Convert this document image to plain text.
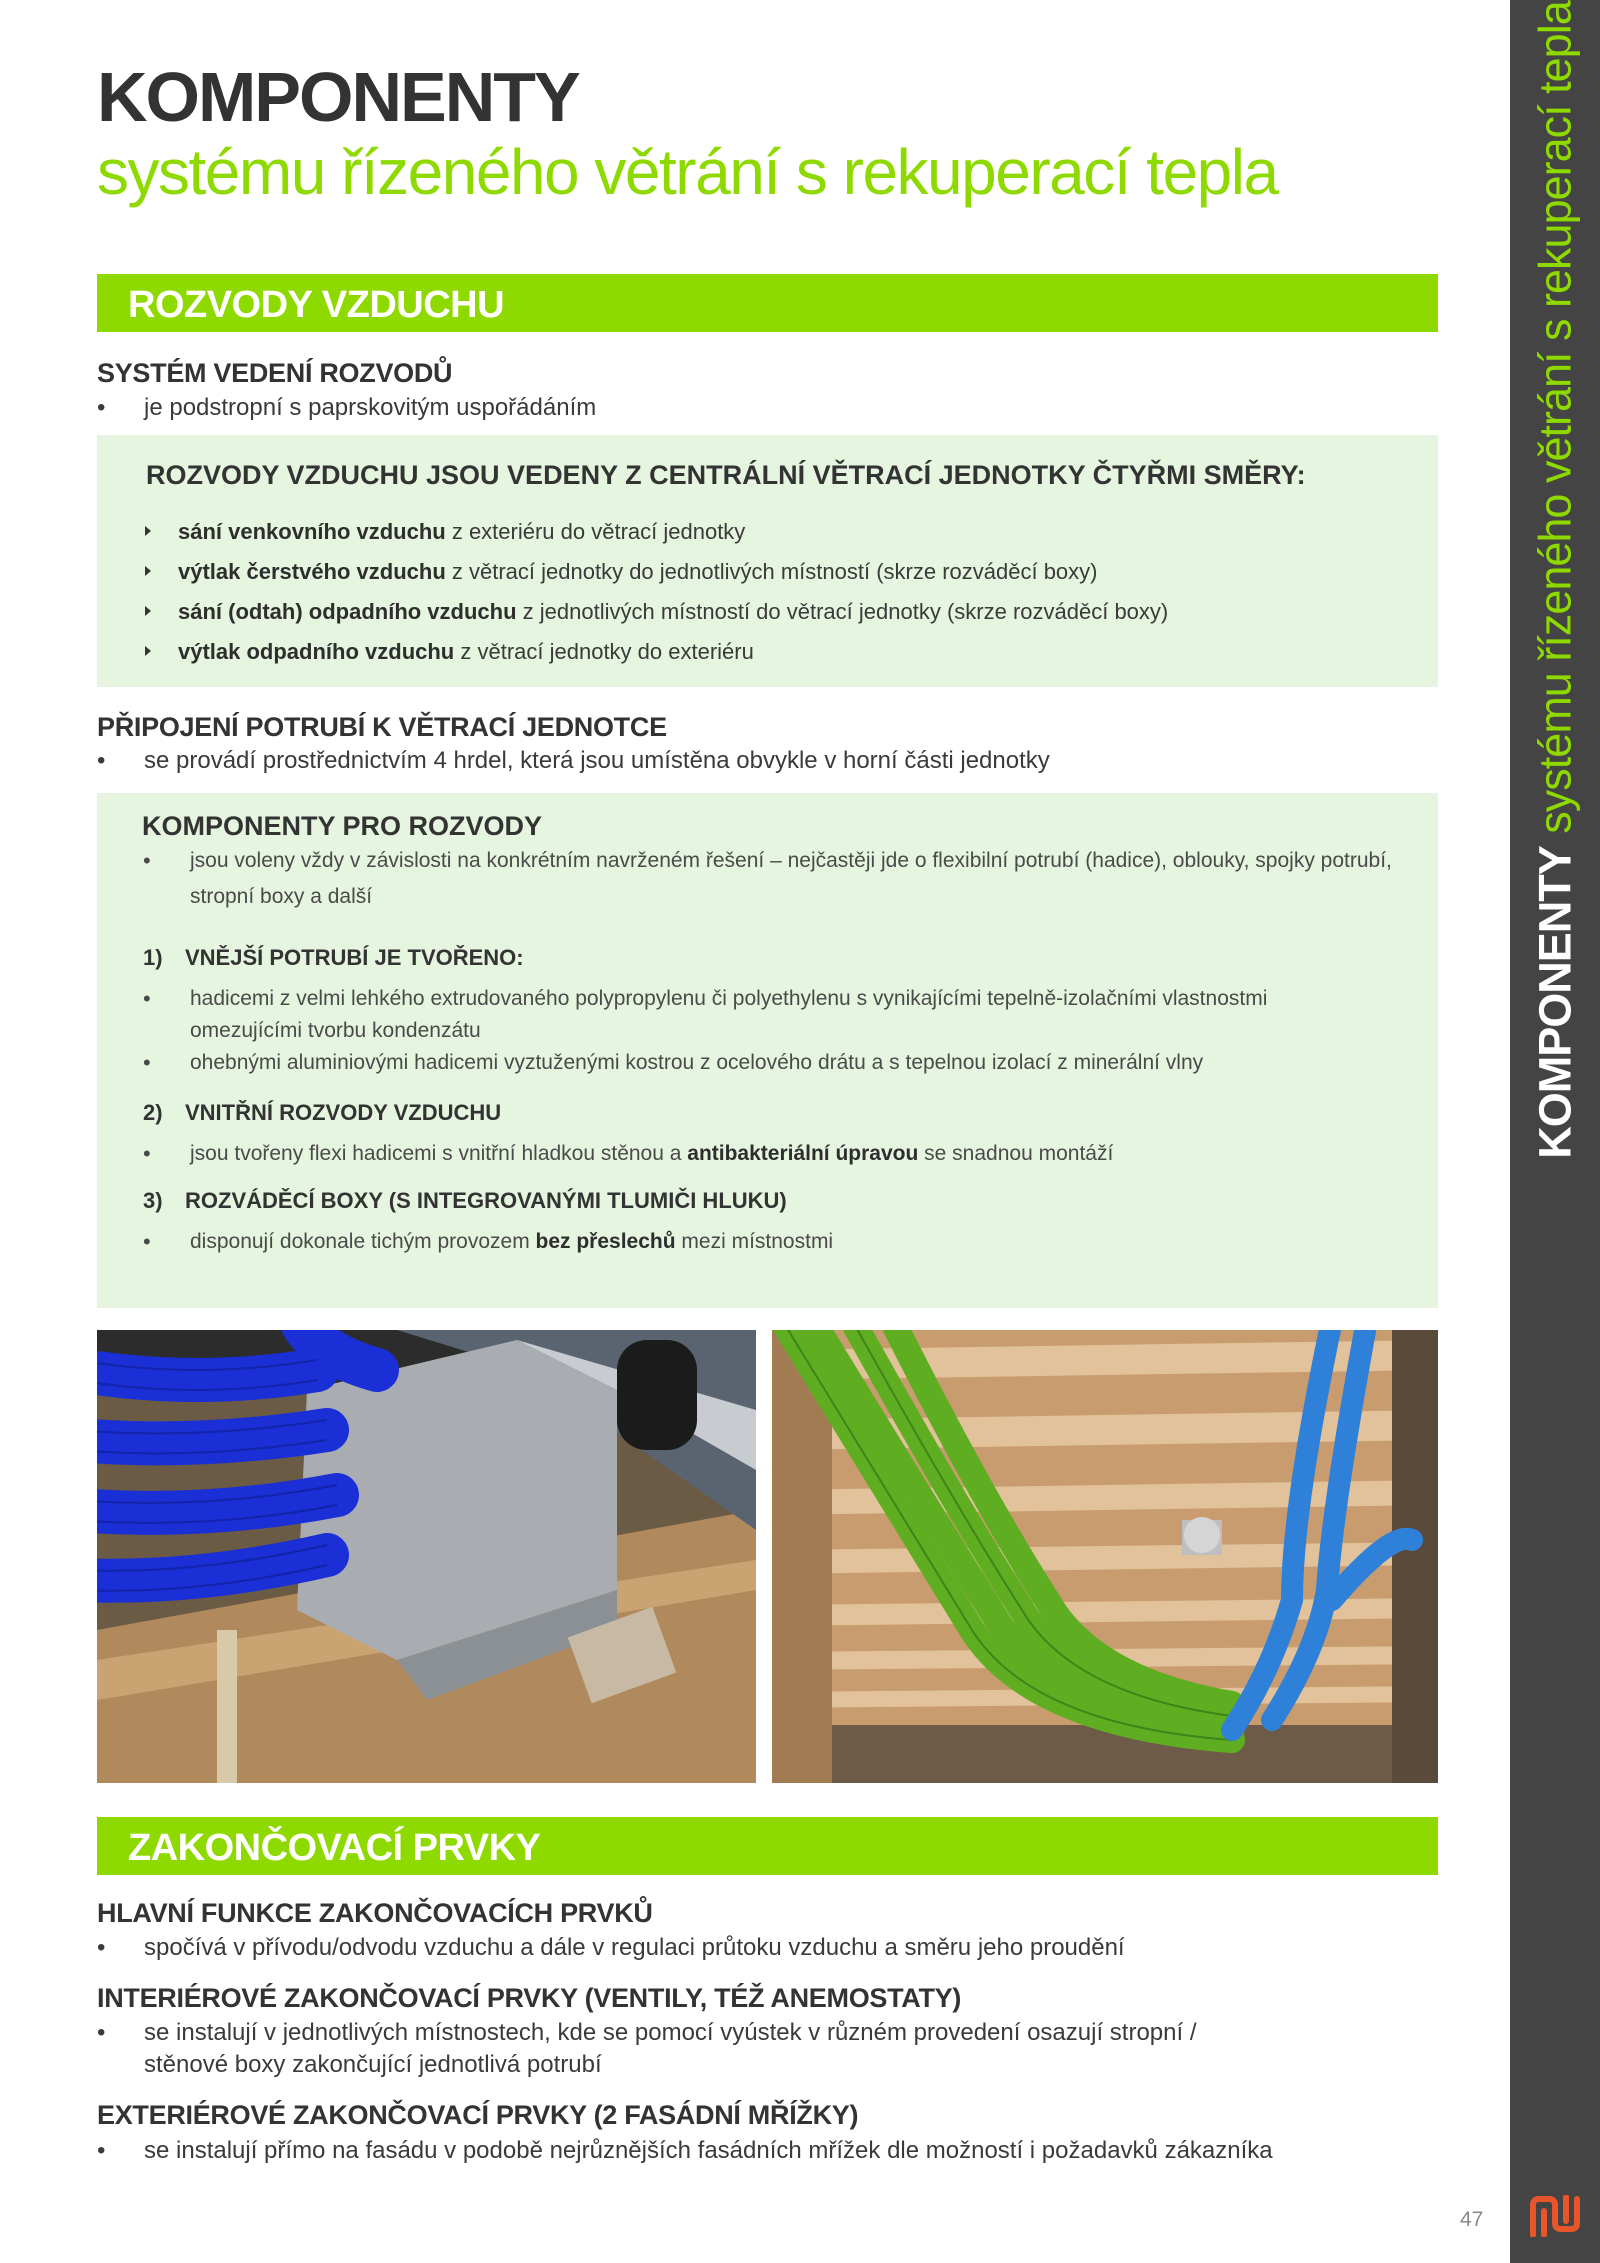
KOMPONENTY systému řízeného větrání s rekuperací tepla
47
KOMPONENTY
systému řízeného větrání s rekuperací tepla
ROZVODY VZDUCHU
SYSTÉM VEDENÍ ROZVODŮ
• je podstropní s paprskovitým uspořádáním
ROZVODY VZDUCHU JSOU VEDENY Z CENTRÁLNÍ VĚTRACÍ JEDNOTKY ČTYŘMI SMĚRY:
sání venkovního vzduchu z exteriéru do větrací jednotky
výtlak čerstvého vzduchu z větrací jednotky do jednotlivých místností (skrze rozváděcí boxy)
sání (odtah) odpadního vzduchu z jednotlivých místností do větrací jednotky (skrze rozváděcí boxy)
výtlak odpadního vzduchu z větrací jednotky do exteriéru
PŘIPOJENÍ POTRUBÍ K VĚTRACÍ JEDNOTCE
• se provádí prostřednictvím 4 hrdel, která jsou umístěna obvykle v horní části jednotky
KOMPONENTY PRO ROZVODY
• jsou voleny vždy v závislosti na konkrétním navrženém řešení – nejčastěji jde o flexibilní potrubí (hadice), oblouky, spojky potrubí,
stropní boxy a další
1) VNĚJŠÍ POTRUBÍ JE TVOŘENO:
• hadicemi z velmi lehkého extrudovaného polypropylenu či polyethylenu s vynikajícími tepelně-izolačními vlastnostmi
omezujícími tvorbu kondenzátu
• ohebnými aluminiovými hadicemi vyztuženými kostrou z ocelového drátu a s tepelnou izolací z minerální vlny
2) VNITŘNÍ ROZVODY VZDUCHU
• jsou tvořeny flexi hadicemi s vnitřní hladkou stěnou a antibakteriální úpravou se snadnou montáží
3) ROZVÁDĚCÍ BOXY (S INTEGROVANÝMI TLUMIČI HLUKU)
• disponují dokonale tichým provozem bez přeslechů mezi místnostmi
ZAKONČOVACÍ PRVKY
HLAVNÍ FUNKCE ZAKONČOVACÍCH PRVKŮ
• spočívá v přívodu/odvodu vzduchu a dále v regulaci průtoku vzduchu a směru jeho proudění
INTERIÉROVÉ ZAKONČOVACÍ PRVKY (VENTILY, TÉŽ ANEMOSTATY)
• se instalují v jednotlivých místnostech, kde se pomocí vyústek v různém provedení osazují stropní /
stěnové boxy zakončující jednotlivá potrubí
EXTERIÉROVÉ ZAKONČOVACÍ PRVKY (2 FASÁDNÍ MŘÍŽKY)
• se instalují přímo na fasádu v podobě nejrůznějších fasádních mřížek dle možností i požadavků zákazníka
